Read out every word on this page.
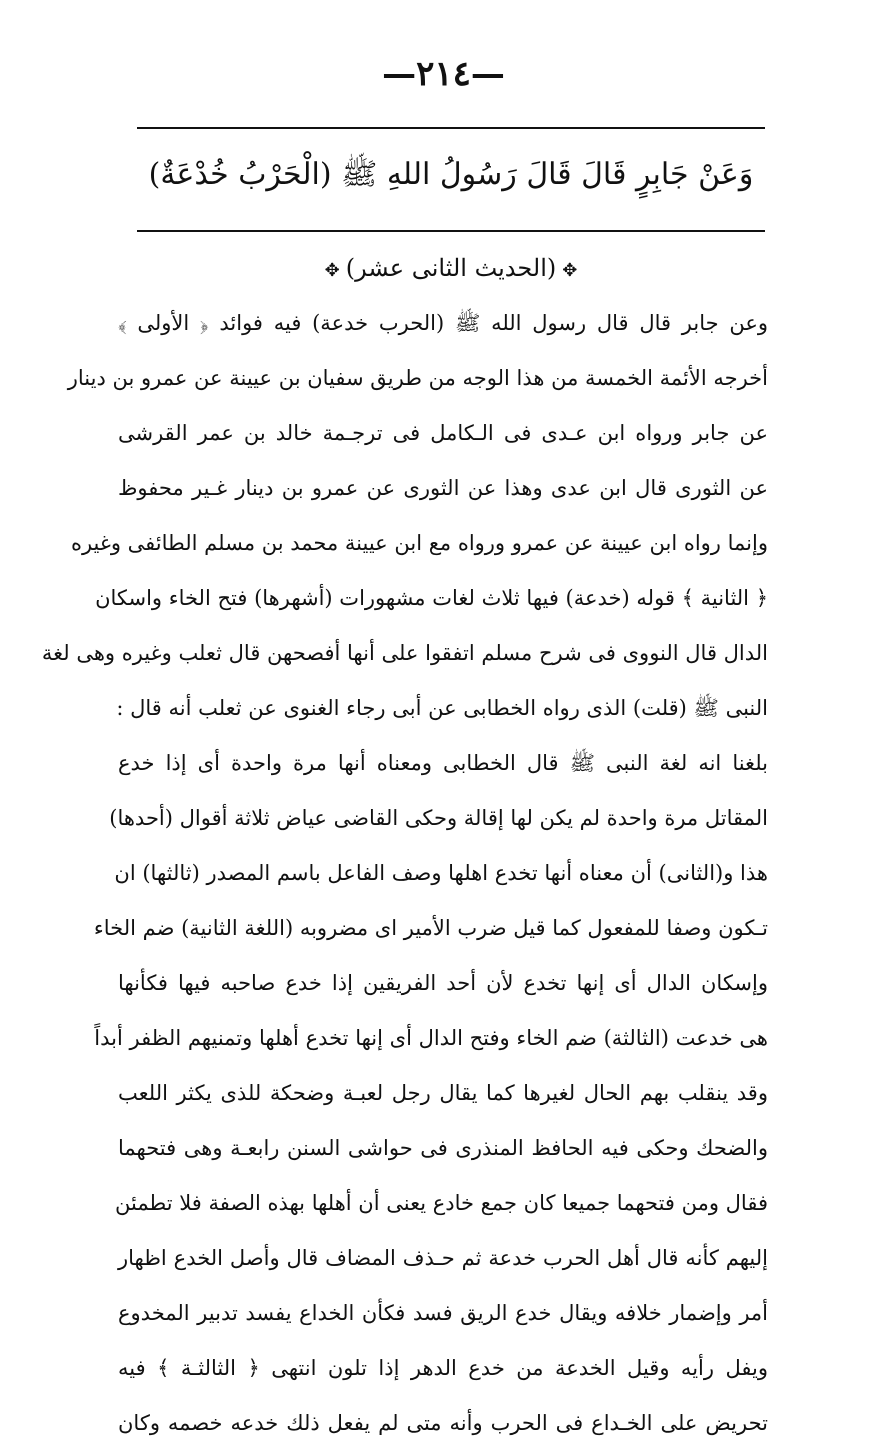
—٢١٤—
وَعَنْ جَابِرٍ قَالَ قَالَ رَسُولُ اللهِ ﷺ (الْحَرْبُ خُدْعَةٌ)
✥(الحديث الثانى عشر)✥
وعن جابر قال قال رسول الله ﷺ (الحرب خدعة) فيه فوائد ﴿ الأولى ﴾
أخرجه الأئمة الخمسة من هذا الوجه من طريق سفيان بن عيينة عن عمرو بن دينار
عن جابر ورواه ابن عـدى فى الـكامل فى ترجـمة خالد بن عمر القرشى
عن الثورى قال ابن عدى وهذا عن الثورى عن عمرو بن دينار غـير محفوظ
وإنما رواه ابن عيينة عن عمرو ورواه مع ابن عيينة محمد بن مسلم الطائفى وغيره
﴿ الثانية ﴾ قوله (خدعة) فيها ثلاث لغات مشهورات (أشهرها) فتح الخاء واسكان
الدال قال النووى فى شرح مسلم اتفقوا على أنها أفصحهن قال ثعلب وغيره وهى لغة
النبى ﷺ (قلت) الذى رواه الخطابى عن أبى رجاء الغنوى عن ثعلب أنه قال :
بلغنا انه لغة النبى ﷺ قال الخطابى ومعناه أنها مرة واحدة أى إذا خدع
المقاتل مرة واحدة لم يكن لها إقالة وحكى القاضى عياض ثلاثة أقوال (أحدها)
هذا و(الثانى) أن معناه أنها تخدع اهلها وصف الفاعل باسم المصدر (ثالثها) ان
تـكون وصفا للمفعول كما قيل ضرب الأمير اى مضروبه (اللغة الثانية) ضم الخاء
وإسكان الدال أى إنها تخدع لأن أحد الفريقين إذا خدع صاحبه فيها فكأنها
هى خدعت (الثالثة) ضم الخاء وفتح الدال أى إنها تخدع أهلها وتمنيهم الظفر أبداً
وقد ينقلب بهم الحال لغيرها كما يقال رجل لعبـة وضحكة للذى يكثر اللعب
والضحك وحكى فيه الحافظ المنذرى فى حواشى السنن رابعـة وهى فتحهما
فقال ومن فتحهما جميعا كان جمع خادع يعنى أن أهلها بهذه الصفة فلا تطمئن
إليهم كأنه قال أهل الحرب خدعة ثم حـذف المضاف قال وأصل الخدع اظهار
أمر وإضمار خلافه ويقال خدع الريق فسد فكأن الخداع يفسد تدبير المخدوع
ويفل رأيه وقيل الخدعة من خدع الدهر إذا تلون انتهى ﴿ الثالثـة ﴾ فيه
تحريض على الخـداع فى الحرب وأنه متى لم يفعل ذلك خدعه خصمه وكان
